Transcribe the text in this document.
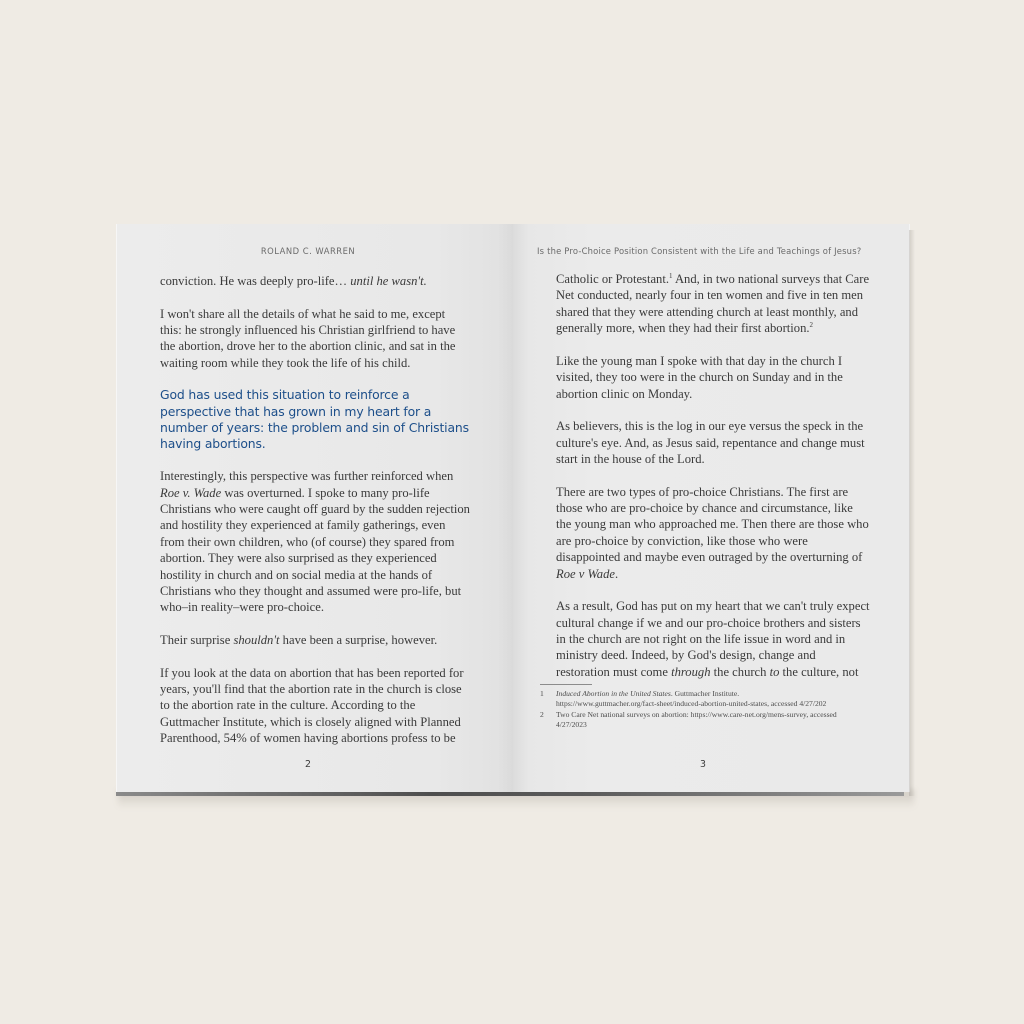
ROLAND C. WARREN

conviction. He was deeply pro-life… until he wasn't.

I won't share all the details of what he said to me, except this: he strongly influenced his Christian girlfriend to have the abortion, drove her to the abortion clinic, and sat in the waiting room while they took the life of his child.

God has used this situation to reinforce a perspective that has grown in my heart for a number of years: the problem and sin of Christians having abortions.

Interestingly, this perspective was further reinforced when Roe v. Wade was overturned. I spoke to many pro-life Christians who were caught off guard by the sudden rejection and hostility they experienced at family gatherings, even from their own children, who (of course) they spared from abortion. They were also surprised as they experienced hostility in church and on social media at the hands of Christians who they thought and assumed were pro-life, but who–in reality–were pro-choice.

Their surprise shouldn't have been a surprise, however.

If you look at the data on abortion that has been reported for years, you'll find that the abortion rate in the church is close to the abortion rate in the culture. According to the Guttmacher Institute, which is closely aligned with Planned Parenthood, 54% of women having abortions profess to be

2
Is the Pro-Choice Position Consistent with the Life and Teachings of Jesus?

Catholic or Protestant.$^1$ And, in two national surveys that Care Net conducted, nearly four in ten women and five in ten men shared that they were attending church at least monthly, and generally more, when they had their first abortion.$^2$

Like the young man I spoke with that day in the church I visited, they too were in the church on Sunday and in the abortion clinic on Monday.

As believers, this is the log in our eye versus the speck in the culture's eye. And, as Jesus said, repentance and change must start in the house of the Lord.

There are two types of pro-choice Christians. The first are those who are pro-choice by chance and circumstance, like the young man who approached me. Then there are those who are pro-choice by conviction, like those who were disappointed and maybe even outraged by the overturning of Roe v Wade.

As a result, God has put on my heart that we can't truly expect cultural change if we and our pro-choice brothers and sisters in the church are not right on the life issue in word and in ministry deed. Indeed, by God's design, change and restoration must come through the church to the culture, not

1	Induced Abortion in the United States. Guttmacher Institute. https://www.guttmacher.org/fact-sheet/induced-abortion-united-states, accessed 4/27/202
2	Two Care Net national surveys on abortion: https://www.care-net.org/mens-survey, accessed 4/27/2023
3
